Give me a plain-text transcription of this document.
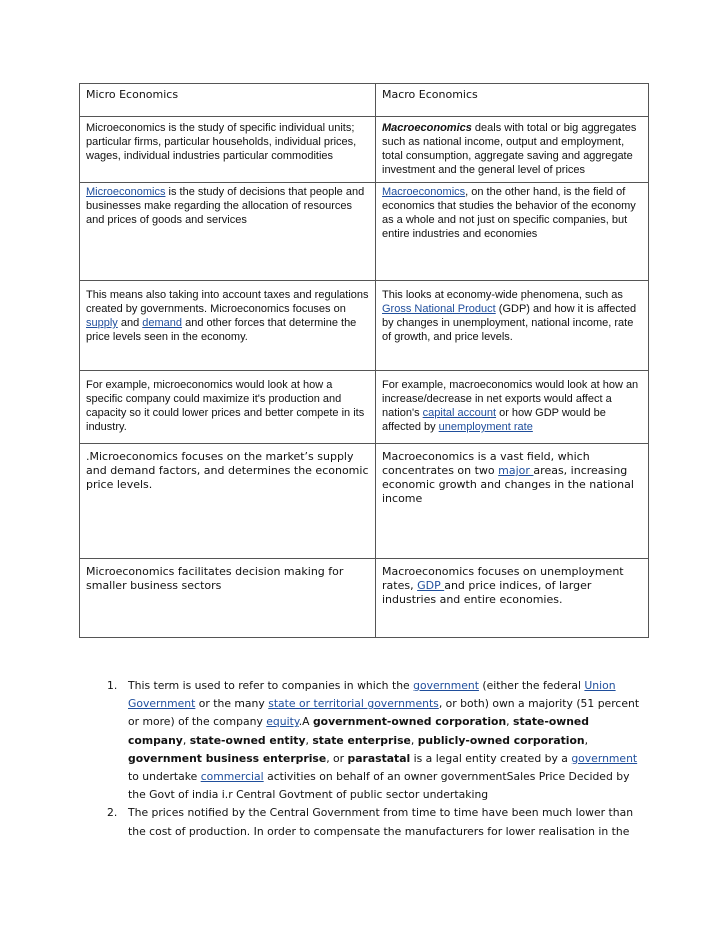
Micro Economics	Macro Economics
Microeconomics is the study of specific individual units; particular firms, particular households, individual prices, wages, individual industries particular commodities	Macroeconomics deals with total or big aggregates such as national income, output and employment, total consumption, aggregate saving and aggregate investment and the general level of prices
Microeconomics is the study of decisions that people and businesses make regarding the allocation of resources and prices of goods and services	Macroeconomics, on the other hand, is the field of economics that studies the behavior of the economy as a whole and not just on specific companies, but entire industries and economies
This means also taking into account taxes and regulations created by governments. Microeconomics focuses on supply and demand and other forces that determine the price levels seen in the economy.	This looks at economy-wide phenomena, such as Gross National Product (GDP) and how it is affected by changes in unemployment, national income, rate of growth, and price levels.
For example, microeconomics would look at how a specific company could maximize it's production and capacity so it could lower prices and better compete in its industry.	For example, macroeconomics would look at how an increase/decrease in net exports would affect a nation's capital account or how GDP would be affected by unemployment rate
.Microeconomics focuses on the market’s supply and demand factors, and determines the economic price levels.	Macroeconomics is a vast field, which concentrates on two major areas, increasing economic growth and changes in the national income
Microeconomics facilitates decision making for smaller business sectors	Macroeconomics focuses on unemployment rates, GDP and price indices, of larger industries and entire economies.
1. This term is used to refer to companies in which the government (either the federal Union Government or the many state or territorial governments, or both) own a majority (51 percent or more) of the company equity.A government-owned corporation, state-owned company, state-owned entity, state enterprise, publicly-owned corporation, government business enterprise, or parastatal is a legal entity created by a government to undertake commercial activities on behalf of an owner governmentSales Price Decided by the Govt of india i.r Central Govtment of public sector undertaking
2. The prices notified by the Central Government from time to time have been much lower than the cost of production. In order to compensate the manufacturers for lower realisation in the
